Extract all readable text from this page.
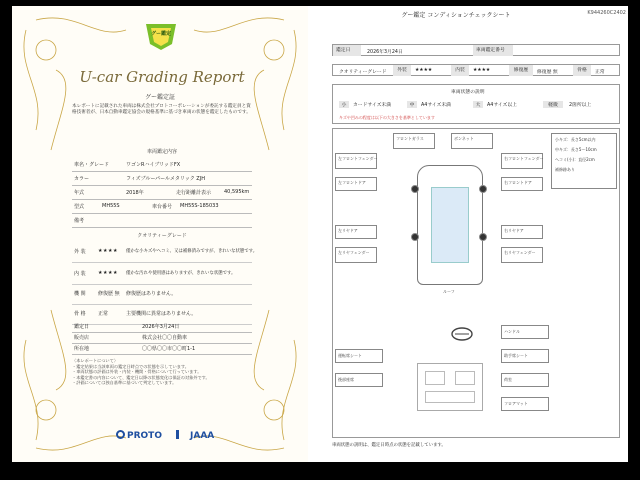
グー鑑定
U-car Grading Report
グー鑑定証
本レポートに記載された車両は株式会社プロトコーポレーションが委託する鑑定員と資格技術者が、日本自動車鑑定協会の規格基準に基づき車両の状態を鑑定したものです。
車両鑑定内容
車名・グレード	ワゴンRハイブリッドFX
カラー	フィズブルーパールメタリック ZJH
年式	2018年	走行距離計表示	40,595km
型式	MH55S	車台番号 MH55S-185033
備考
クオリティーグレード
外 装 ★★★★ 僅かな小キズやヘコミ、又は補修済みですが、きれいな状態です。
内 装 ★★★★ 僅かな汚れや使用感はありますが、きれいな状態です。
機 関 修復歴 無 修復歴はありません。
骨 格 正常	主要機関に異常はありません。
鑑定日	2026年3月24日
販売店	株式会社〇〇自動車
所在地	〇〇県〇〇市〇〇町1-1
〈本レポートについて〉
・鑑定結果は当該車両の鑑定日時点での状態を示しています。
・車両状態の評価は外装・内装・機関・骨格について行っています。
・本鑑定書の内容について、鑑定日以降の状態変化は保証の対象外です。
・評価については独自基準に基づいて判定しています。
PROTO	JAAA
グー鑑定 コンディションチェックシート	K944260C2402
鑑定日	2026年3月24日	車両鑑定番号
クオリティーグレード	外装	★★★★	内装	★★★★	修復歴	修復歴 無	骨格	正常
車両状態の説明
キズや凹みの程度は以下の大きさを基準としています
小	カードサイズ未満	中	A4サイズ未満	大	A4サイズ以上	軽微	2箇所以上
フロントガラス	ボンネット
左フロントフェンダー	右フロントフェンダー
左フロントドア	右フロントドア
左リヤドア	右リヤドア
左リヤフェンダー	右リヤフェンダー
ルーフ
小キズ：長さ5cm以内
中キズ：長さ5〜10cm
ヘコミ(小)：直径2cm
補修跡あり
ハンドル
運転席シート	助手席シート
後部座席	荷室
フロアマット
車両状態の説明は、鑑定日時点の状態を記載しています。
